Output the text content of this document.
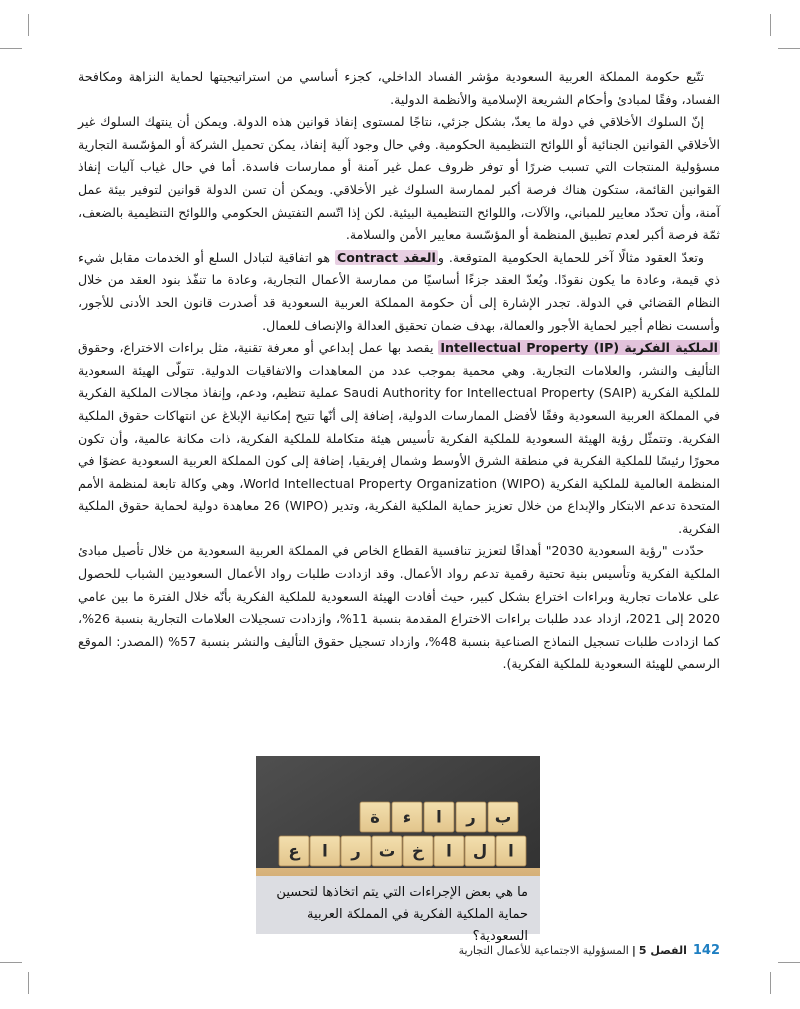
تتّبع حكومة المملكة العربية السعودية مؤشر الفساد الداخلي، كجزء أساسي من استراتيجيتها لحماية النزاهة ومكافحة الفساد، وفقًا لمبادئ وأحكام الشريعة الإسلامية والأنظمة الدولية.

إنّ السلوك الأخلاقي في دولة ما يعدّ، بشكل جزئي، نتاجًا لمستوى إنفاذ قوانين هذه الدولة. ويمكن أن ينتهك السلوك غير الأخلاقي القوانين الجنائية أو اللوائح التنظيمية الحكومية. وفي حال وجود آلية إنفاذ، يمكن تحميل الشركة أو المؤسّسة التجارية مسؤولية المنتجات التي تسبب ضررًا أو توفر ظروف عمل غير آمنة أو ممارسات فاسدة. أما في حال غياب آليات إنفاذ القوانين القائمة، ستكون هناك فرصة أكبر لممارسة السلوك غير الأخلاقي. ويمكن أن تسن الدولة قوانين لتوفير بيئة عمل آمنة، وأن تحدّد معايير للمباني، والآلات، واللوائح التنظيمية البيئية. لكن إذا اتّسم التفتيش الحكومي واللوائح التنظيمية بالضعف، ثمّة فرصة أكبر لعدم تطبيق المنظمة أو المؤسّسة معايير الأمن والسلامة.

وتعدّ العقود مثالًا آخر للحماية الحكومية المتوقعة. والعقد Contract هو اتفاقية لتبادل السلع أو الخدمات مقابل شيء ذي قيمة، وعادة ما يكون نقودًا. ويُعدّ العقد جزءًا أساسيًا من ممارسة الأعمال التجارية، وعادة ما تنفّذ بنود العقد من خلال النظام القضائي في الدولة. تجدر الإشارة إلى أن حكومة المملكة العربية السعودية قد أصدرت قانون الحد الأدنى للأجور، وأسست نظام أجير لحماية الأجور والعمالة، بهدف ضمان تحقيق العدالة والإنصاف للعمال.

الملكية الفكرية Intellectual Property (IP) يقصد بها عمل إبداعي أو معرفة تقنية، مثل براءات الاختراع، وحقوق التأليف والنشر، والعلامات التجارية. وهي محمية بموجب عدد من المعاهدات والاتفاقيات الدولية. تتولّى الهيئة السعودية للملكية الفكرية (SAIP) Saudi Authority for Intellectual Property عملية تنظيم، ودعم، وإنفاذ مجالات الملكية الفكرية في المملكة العربية السعودية وفقًا لأفضل الممارسات الدولية، إضافة إلى أنّها تتيح إمكانية الإبلاغ عن انتهاكات حقوق الملكية الفكرية. وتتمثّل رؤية الهيئة السعودية للملكية الفكرية تأسيس هيئة متكاملة للملكية الفكرية، ذات مكانة عالمية، وأن تكون محورًا رئيسًا للملكية الفكرية في منطقة الشرق الأوسط وشمال إفريقيا، إضافة إلى كون المملكة العربية السعودية عضوًا في المنظمة العالمية للملكية الفكرية (WIPO) World Intellectual Property Organization، وهي وكالة تابعة لمنظمة الأمم المتحدة تدعم الابتكار والإبداع من خلال تعزيز حماية الملكية الفكرية، وتدير (WIPO) 26 معاهدة دولية لحماية حقوق الملكية الفكرية.

حدّدت "رؤية السعودية 2030" أهدافًا لتعزيز تنافسية القطاع الخاص في المملكة العربية السعودية من خلال تأصيل مبادئ الملكية الفكرية وتأسيس بنية تحتية رقمية تدعم رواد الأعمال. وقد ازدادت طلبات رواد الأعمال السعوديين الشباب للحصول على علامات تجارية وبراءات اختراع بشكل كبير، حيث أفادت الهيئة السعودية للملكية الفكرية بأنّه خلال الفترة ما بين عامي 2020 إلى 2021، ازداد عدد طلبات براءات الاختراع المقدمة بنسبة 11%، وازدادت تسجيلات العلامات التجارية بنسبة 26%، كما ازدادت طلبات تسجيل النماذج الصناعية بنسبة 48%، وازداد تسجيل حقوق التأليف والنشر بنسبة 57% (المصدر: الموقع الرسمي للهيئة السعودية للملكية الفكرية).

ب
ر
ا
ء
ة
ا
ل
ا
خ
ت
ر
ا
ع
ما هي بعض الإجراءات التي يتم اتخاذها لتحسين حماية الملكية الفكرية في المملكة العربية السعودية؟
142الفصل 5|المسؤولية الاجتماعية للأعمال التجارية
